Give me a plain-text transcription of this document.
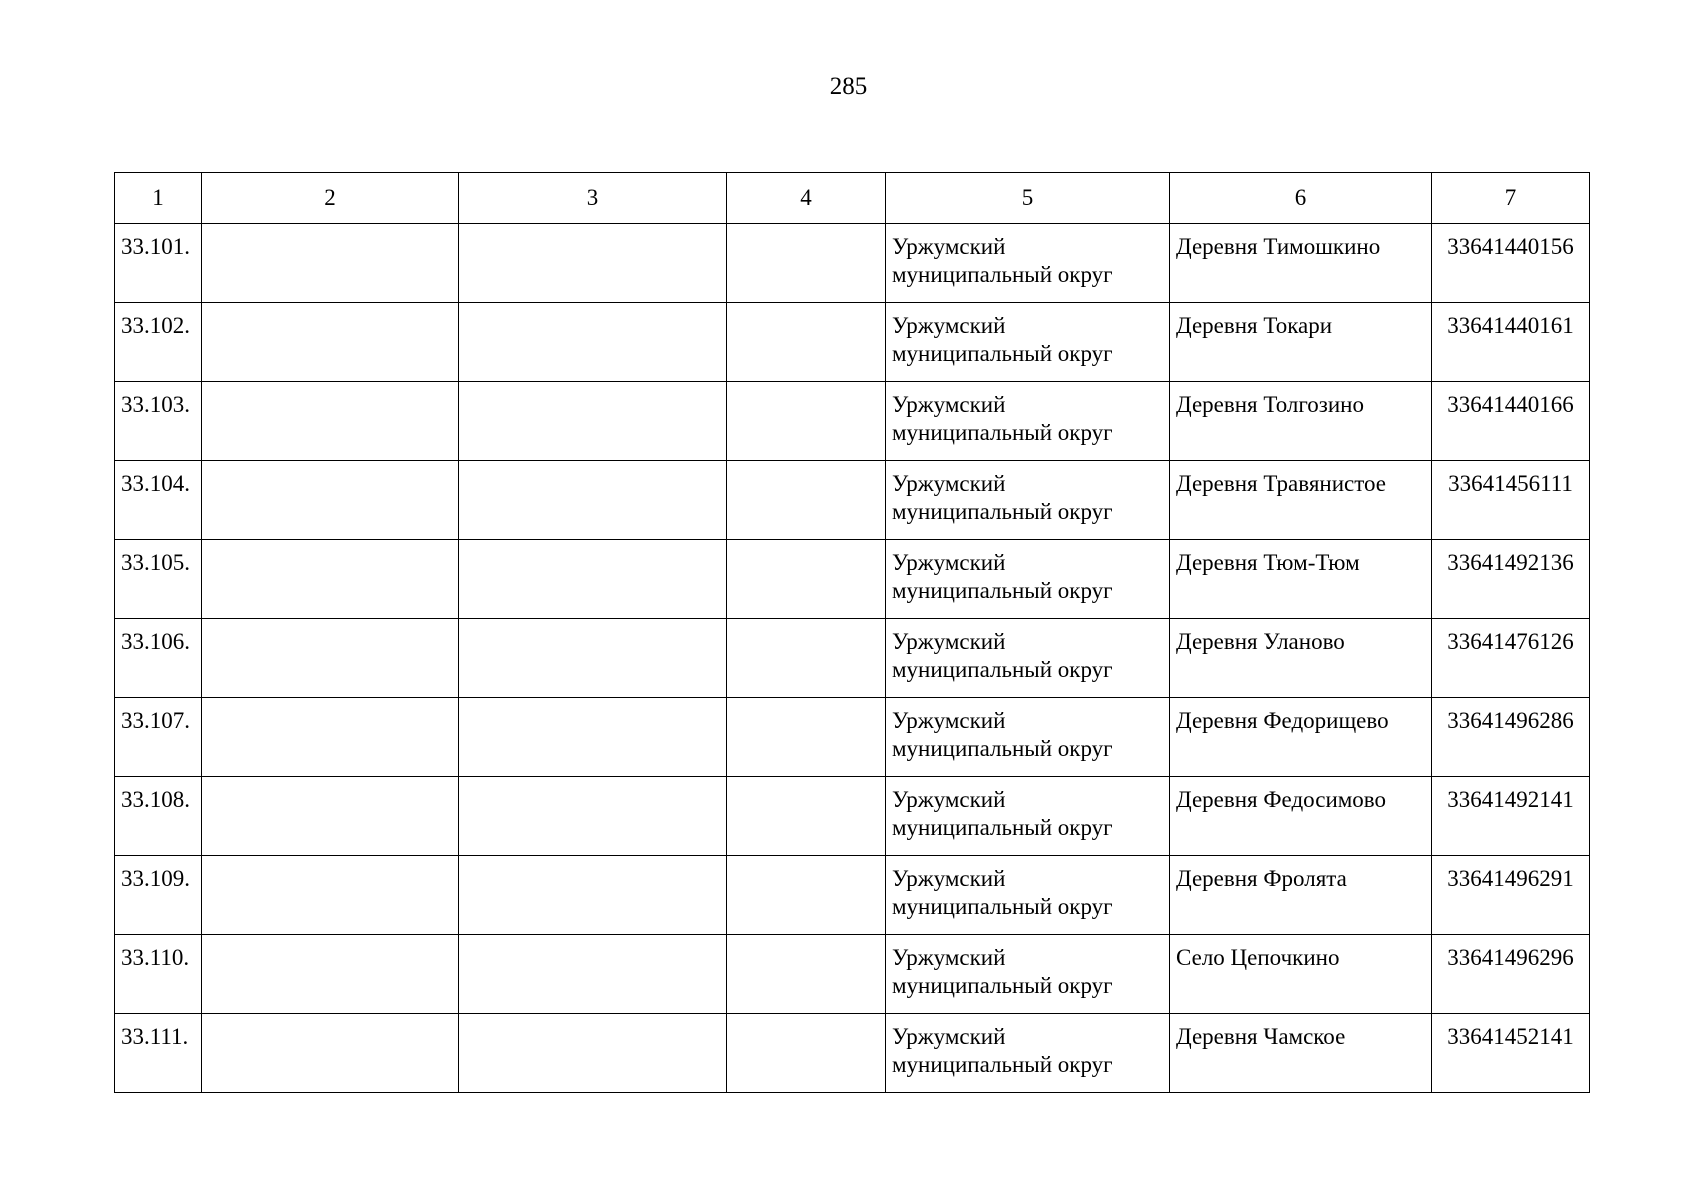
285
1	2	3	4	5	6	7
33.101.				Уржумский муниципальный округ	Деревня Тимошкино	33641440156
33.102.				Уржумский муниципальный округ	Деревня Токари	33641440161
33.103.				Уржумский муниципальный округ	Деревня Толгозино	33641440166
33.104.				Уржумский муниципальный округ	Деревня Травянистое	33641456111
33.105.				Уржумский муниципальный округ	Деревня Тюм-Тюм	33641492136
33.106.				Уржумский муниципальный округ	Деревня Уланово	33641476126
33.107.				Уржумский муниципальный округ	Деревня Федорищево	33641496286
33.108.				Уржумский муниципальный округ	Деревня Федосимово	33641492141
33.109.				Уржумский муниципальный округ	Деревня Фролята	33641496291
33.110.				Уржумский муниципальный округ	Село Цепочкино	33641496296
33.111.				Уржумский муниципальный округ	Деревня Чамское	33641452141
